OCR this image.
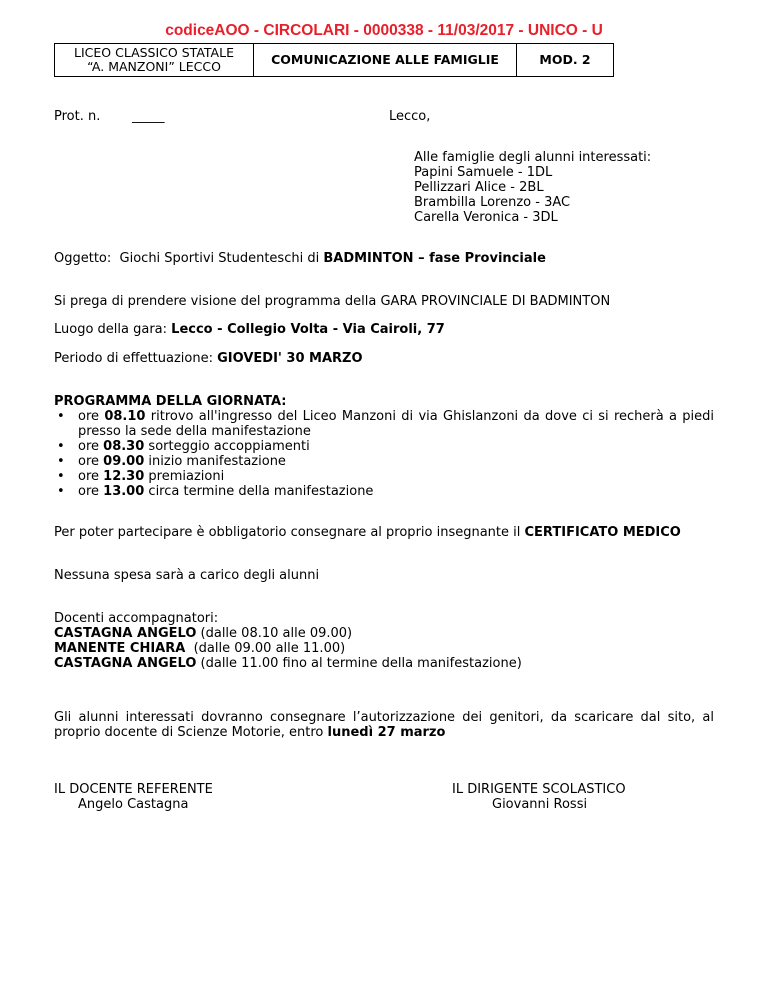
codiceAOO - CIRCOLARI - 0000338 - 11/03/2017 - UNICO - U
LICEO CLASSICO STATALE
“A. MANZONI” LECCO	COMUNICAZIONE ALLE FAMIGLIE	MOD. 2
Prot. n. _____	Lecco,
Alle famiglie degli alunni interessati:
Papini Samuele - 1DL
Pellizzari Alice - 2BL
Brambilla Lorenzo - 3AC
Carella Veronica - 3DL
Oggetto: Giochi Sportivi Studenteschi di BADMINTON – fase Provinciale
Si prega di prendere visione del programma della GARA PROVINCIALE DI BADMINTON
Luogo della gara: Lecco - Collegio Volta - Via Cairoli, 77
Periodo di effettuazione: GIOVEDI' 30 MARZO
PROGRAMMA DELLA GIORNATA:
• ore 08.10 ritrovo all'ingresso del Liceo Manzoni di via Ghislanzoni da dove ci si recherà a piedi presso la sede della manifestazione
• ore 08.30 sorteggio accoppiamenti
• ore 09.00 inizio manifestazione
• ore 12.30 premiazioni
• ore 13.00 circa termine della manifestazione
Per poter partecipare è obbligatorio consegnare al proprio insegnante il CERTIFICATO MEDICO
Nessuna spesa sarà a carico degli alunni
Docenti accompagnatori:
CASTAGNA ANGELO (dalle 08.10 alle 09.00)
MANENTE CHIARA  (dalle 09.00 alle 11.00)
CASTAGNA ANGELO (dalle 11.00 fino al termine della manifestazione)
Gli alunni interessati dovranno consegnare l’autorizzazione dei genitori, da scaricare dal sito, al proprio docente di Scienze Motorie, entro lunedì 27 marzo
IL DOCENTE REFERENTE
Angelo Castagna
IL DIRIGENTE SCOLASTICO
Giovanni Rossi
